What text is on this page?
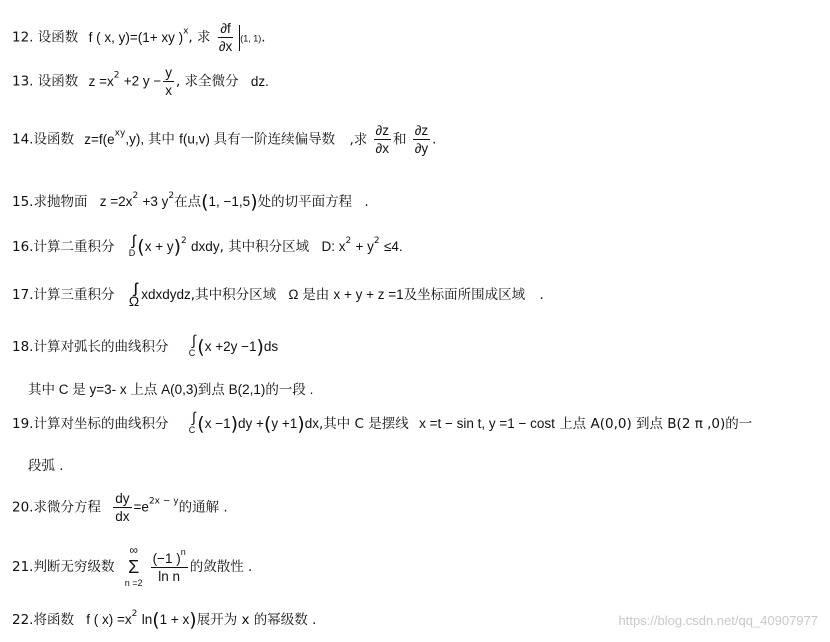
12. 设函数 f ( x, y)=(1+ xy )$^x$, 求 $\frac{\partial f}{\partial x} (1$, 1).
13. 设函数 $z =x^2 +2$ $y - \frac{y}{x}$ , 求全微分 dz.
14.设函数 $z=f(e^{xy},y)$, 其中 f(u,v) 具有一阶连续偏导数 ,求 $\frac{\partial z}{\partial x}$ 和 $\frac{\partial z}{\partial y}$ .
15.求抛物面 $z =2x^2 +3$ $y^2$在点(1, −1,5)处的切平面方程 .
16.计算二重积分 D $(x + y)^2$ dxdy, 其中积分区域 D: $x^2 + y^2 \le 4$.
17.计算三重积分 Ω xdxdydz,其中积分区域 Ω 是由 x + y + z =1及坐标面所围成区域 .
18.计算对弧长的曲线积分 C (x +2y −1)ds
其中 C 是 y=3- x 上点 A(0,3)到点 B(2,1)的一段 .
19.计算对坐标的曲线积分 C (x −1)dy +(y +1)dx,其中 C 是摆线 x =t − sin t, y =1 − cost 上点 A(0,0) 到点 B(2 π ,0)的一
段弧 .
20.求微分方程 $\frac{dy}{dx} =e^{2x - y}$的通解 .
21.判断无穷级数
∞
Σ
$n =2 \frac{(-1 )^n}{\text{ln n}}$ 的敛散性 .
22.将函数 f ( $x) =x^2$ ln(1 + x)展开为 x 的幂级数 .	https://blog.csdn.net/qq_40907977
